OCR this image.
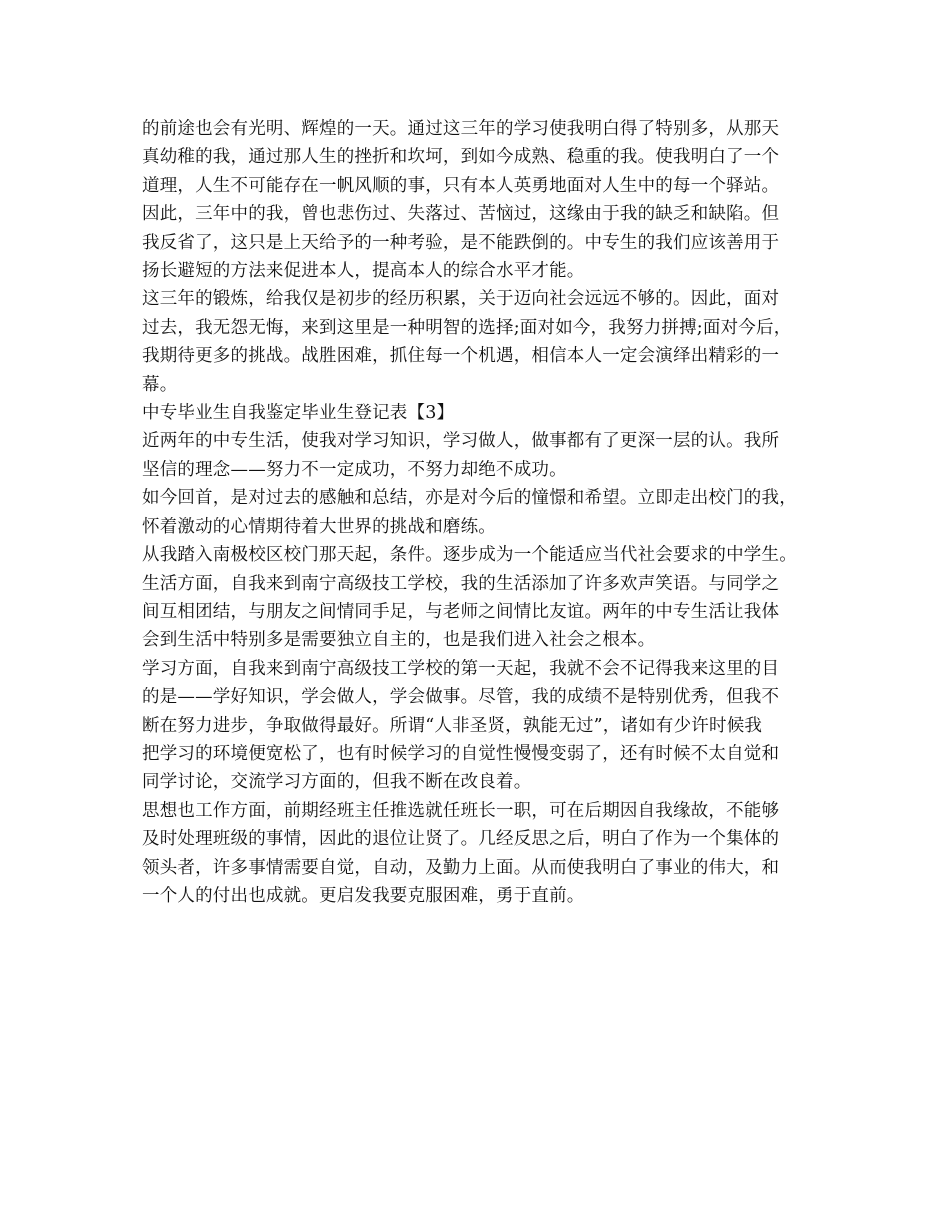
的前途也会有光明、辉煌的一天。通过这三年的学习使我明白得了特别多，从那天
真幼稚的我，通过那人生的挫折和坎坷，到如今成熟、稳重的我。使我明白了一个
道理，人生不可能存在一帆风顺的事，只有本人英勇地面对人生中的每一个驿站。
因此，三年中的我，曾也悲伤过、失落过、苦恼过，这缘由于我的缺乏和缺陷。但
我反省了，这只是上天给予的一种考验，是不能跌倒的。中专生的我们应该善用于
扬长避短的方法来促进本人，提高本人的综合水平才能。

这三年的锻炼，给我仅是初步的经历积累，关于迈向社会远远不够的。因此，面对
过去，我无怨无悔，来到这里是一种明智的选择;面对如今，我努力拼搏;面对今后，
我期待更多的挑战。战胜困难，抓住每一个机遇，相信本人一定会演绎出精彩的一
幕。

中专毕业生自我鉴定毕业生登记表【3】

近两年的中专生活，使我对学习知识，学习做人，做事都有了更深一层的认。我所
坚信的理念——努力不一定成功，不努力却绝不成功。

如今回首，是对过去的感触和总结，亦是对今后的憧憬和希望。立即走出校门的我，
怀着激动的心情期待着大世界的挑战和磨练。

从我踏入南极校区校门那天起，条件。逐步成为一个能适应当代社会要求的中学生。

生活方面，自我来到南宁高级技工学校，我的生活添加了许多欢声笑语。与同学之
间互相团结，与朋友之间情同手足，与老师之间情比友谊。两年的中专生活让我体
会到生活中特别多是需要独立自主的，也是我们进入社会之根本。

学习方面，自我来到南宁高级技工学校的第一天起，我就不会不记得我来这里的目
的是——学好知识，学会做人，学会做事。尽管，我的成绩不是特别优秀，但我不
断在努力进步，争取做得最好。所谓“人非圣贤，孰能无过”，诸如有少许时候我
把学习的环境便宽松了，也有时候学习的自觉性慢慢变弱了，还有时候不太自觉和
同学讨论，交流学习方面的，但我不断在改良着。

思想也工作方面，前期经班主任推选就任班长一职，可在后期因自我缘故，不能够
及时处理班级的事情，因此的退位让贤了。几经反思之后，明白了作为一个集体的
领头者，许多事情需要自觉，自动，及勤力上面。从而使我明白了事业的伟大，和
一个人的付出也成就。更启发我要克服困难，勇于直前。
